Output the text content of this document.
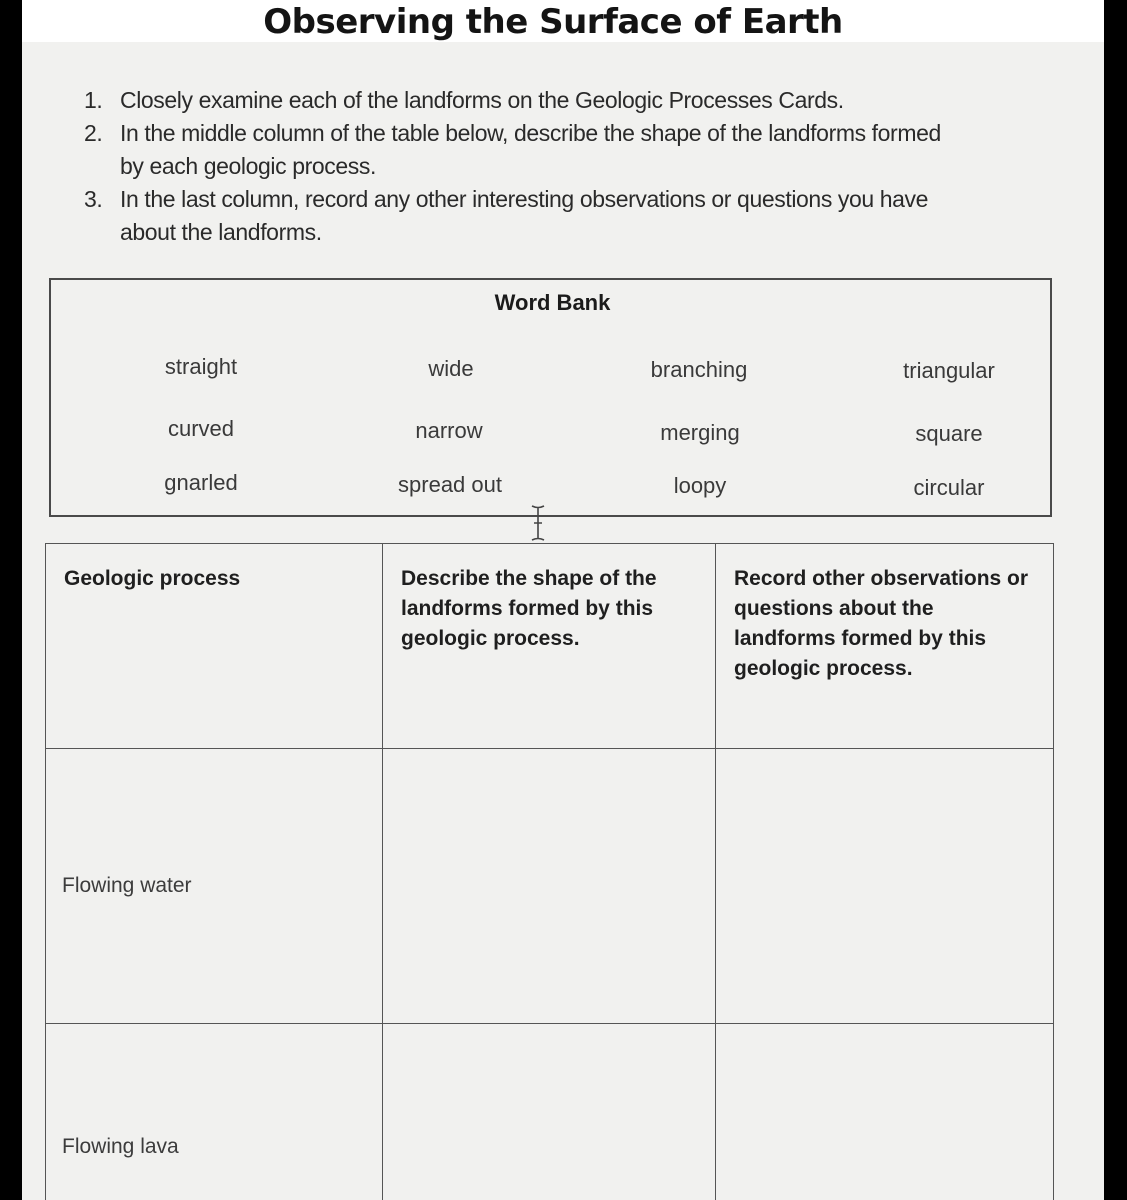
Observing the Surface of Earth
1. Closely examine each of the landforms on the Geologic Processes Cards.
2. In the middle column of the table below, describe the shape of the landforms formed by each geologic process.
3. In the last column, record any other interesting observations or questions you have about the landforms.
Word Bank
straight	wide	branching	triangular
curved	narrow	merging	square
gnarled	spread out	loopy	circular
Geologic process	Describe the shape of the landforms formed by this geologic process.	Record other observations or questions about the landforms formed by this geologic process.
Flowing water		
Flowing lava		
